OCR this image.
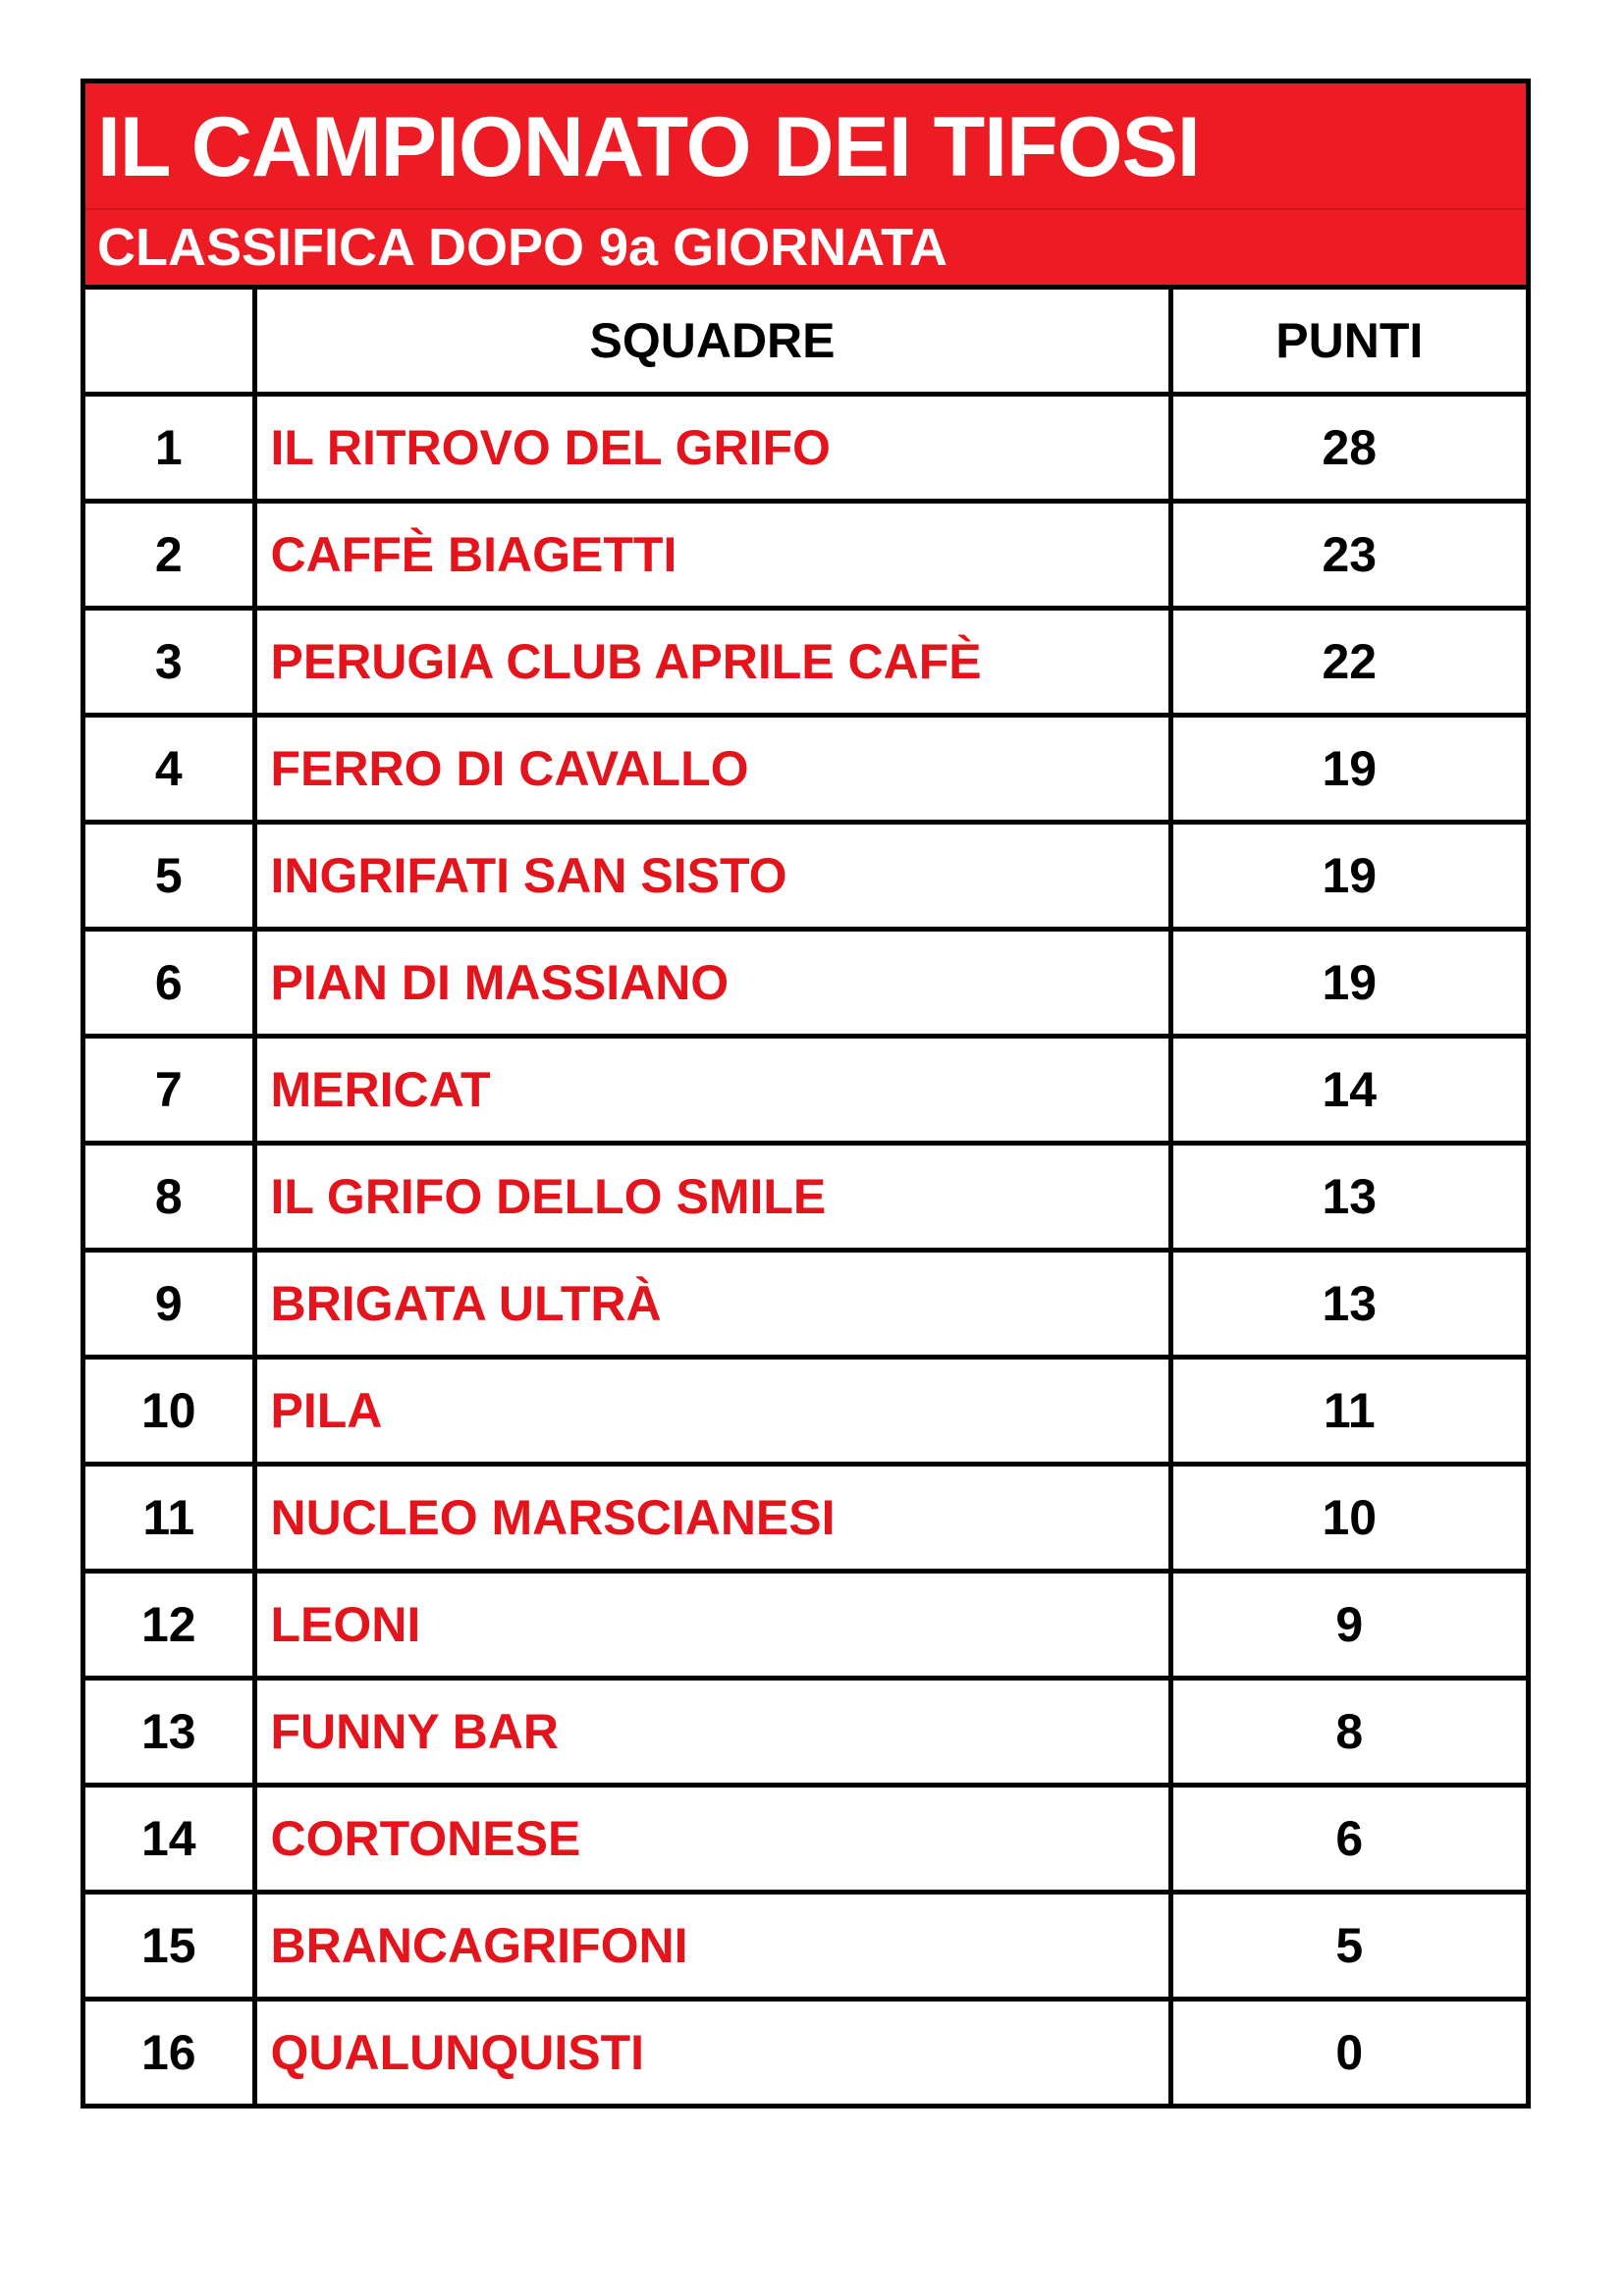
IL CAMPIONATO DEI TIFOSI
CLASSIFICA DOPO 9a GIORNATA
	SQUADRE	PUNTI
1	IL RITROVO DEL GRIFO	28
2	CAFFÈ BIAGETTI	23
3	PERUGIA CLUB APRILE CAFÈ	22
4	FERRO DI CAVALLO	19
5	INGRIFATI SAN SISTO	19
6	PIAN DI MASSIANO	19
7	MERICAT	14
8	IL GRIFO DELLO SMILE	13
9	BRIGATA ULTRÀ	13
10	PILA	11
11	NUCLEO MARSCIANESI	10
12	LEONI	9
13	FUNNY BAR	8
14	CORTONESE	6
15	BRANCAGRIFONI	5
16	QUALUNQUISTI	0
